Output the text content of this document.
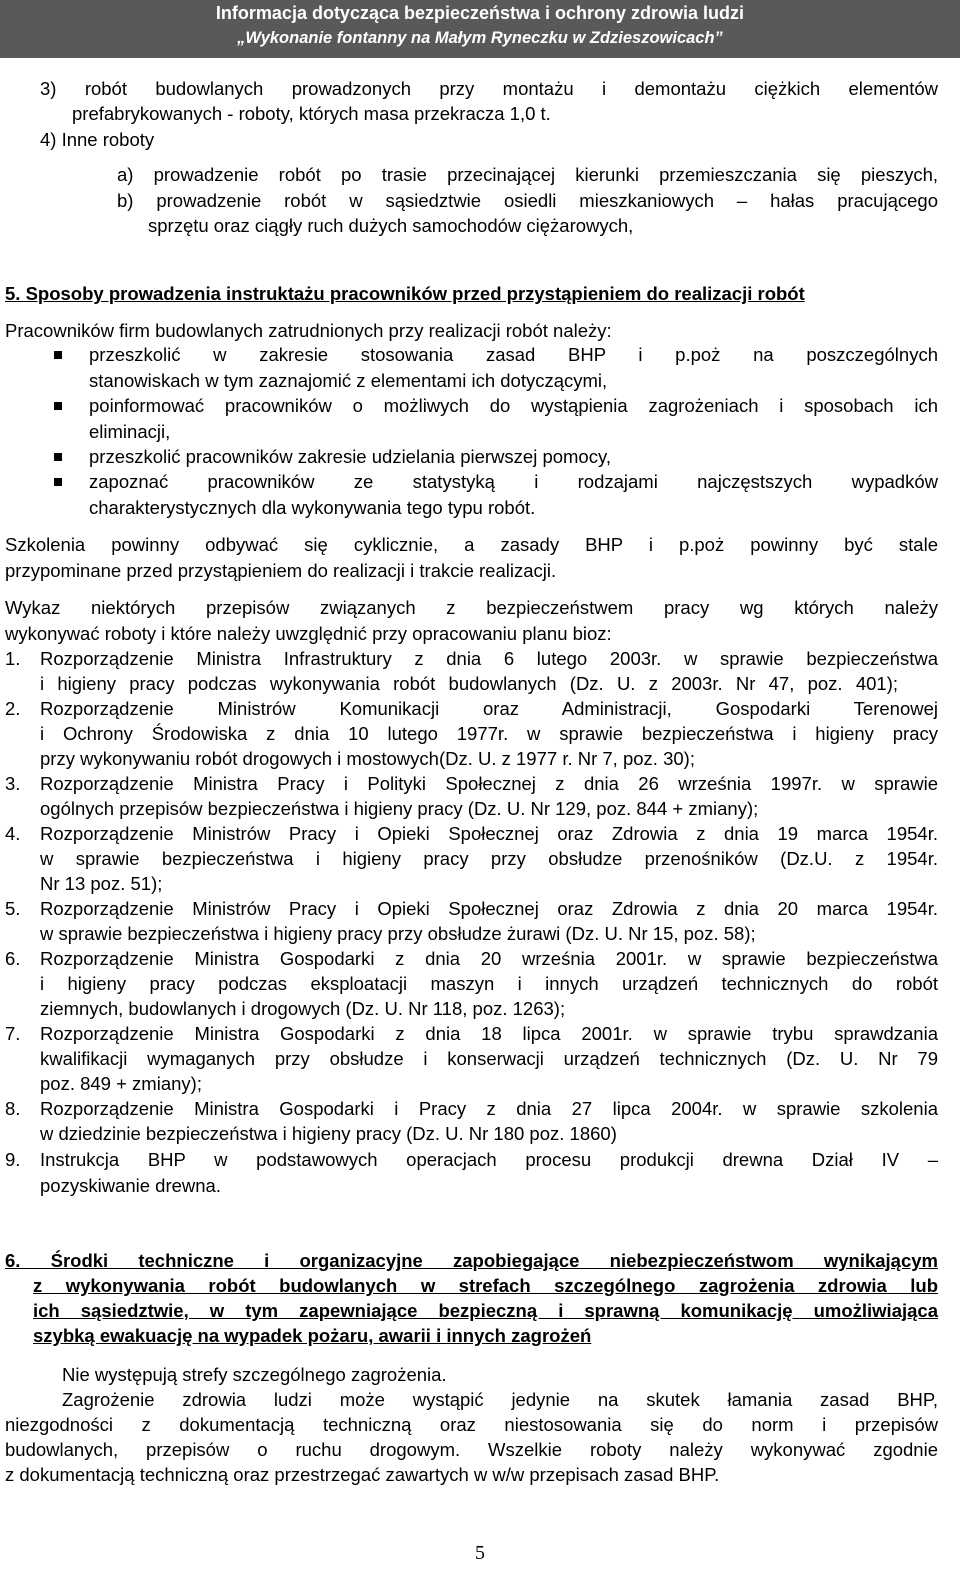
Informacja dotycząca bezpieczeństwa i ochrony zdrowia ludzi
„Wykonanie fontanny na Małym Ryneczku w Zdzieszowicach”
3) robót budowlanych prowadzonych przy montażu i demontażu ciężkich elementów
prefabrykowanych - roboty, których masa przekracza 1,0 t.
4) Inne roboty
a) prowadzenie robót po trasie przecinającej kierunki przemieszczania się pieszych,
b) prowadzenie robót w sąsiedztwie osiedli mieszkaniowych – hałas pracującego
sprzętu oraz ciągły ruch dużych samochodów ciężarowych,
5. Sposoby prowadzenia instruktażu pracowników przed przystąpieniem do realizacji robót
Pracowników firm budowlanych zatrudnionych przy realizacji robót należy:
przeszkolić w zakresie stosowania zasad BHP i p.poż na poszczególnych
stanowiskach w tym zaznajomić z elementami ich dotyczącymi,
poinformować pracowników o możliwych do wystąpienia zagrożeniach i sposobach ich
eliminacji,
przeszkolić pracowników zakresie udzielania pierwszej pomocy,
zapoznać pracowników ze statystyką i rodzajami najczęstszych wypadków
charakterystycznych dla wykonywania tego typu robót.
Szkolenia powinny odbywać się cyklicznie, a zasady BHP i p.poż powinny być stale
przypominane przed przystąpieniem do realizacji i trakcie realizacji.
Wykaz niektórych przepisów związanych z bezpieczeństwem pracy wg których należy
wykonywać roboty i które należy uwzględnić przy opracowaniu planu bioz:
1. Rozporządzenie Ministra Infrastruktury z dnia 6 lutego 2003r. w sprawie bezpieczeństwa
i higieny pracy podczas wykonywania robót budowlanych (Dz. U. z 2003r. Nr 47, poz. 401);
2. Rozporządzenie Ministrów Komunikacji oraz Administracji, Gospodarki Terenowej
i Ochrony Środowiska z dnia 10 lutego 1977r. w sprawie bezpieczeństwa i higieny pracy
przy wykonywaniu robót drogowych i mostowych(Dz. U. z 1977 r. Nr 7, poz. 30);
3. Rozporządzenie Ministra Pracy i Polityki Społecznej z dnia 26 września 1997r. w sprawie
ogólnych przepisów bezpieczeństwa i higieny pracy (Dz. U. Nr 129, poz. 844 + zmiany);
4. Rozporządzenie Ministrów Pracy i Opieki Społecznej oraz Zdrowia z dnia 19 marca 1954r.
w sprawie bezpieczeństwa i higieny pracy przy obsłudze przenośników (Dz.U. z 1954r.
Nr 13 poz. 51);
5. Rozporządzenie Ministrów Pracy i Opieki Społecznej oraz Zdrowia z dnia 20 marca 1954r.
w sprawie bezpieczeństwa i higieny pracy przy obsłudze żurawi (Dz. U. Nr 15, poz. 58);
6. Rozporządzenie Ministra Gospodarki z dnia 20 września 2001r. w sprawie bezpieczeństwa
i higieny pracy podczas eksploatacji maszyn i innych urządzeń technicznych do robót
ziemnych, budowlanych i drogowych (Dz. U. Nr 118, poz. 1263);
7. Rozporządzenie Ministra Gospodarki z dnia 18 lipca 2001r. w sprawie trybu sprawdzania
kwalifikacji wymaganych przy obsłudze i konserwacji urządzeń technicznych (Dz. U. Nr 79
poz. 849 + zmiany);
8. Rozporządzenie Ministra Gospodarki i Pracy z dnia 27 lipca 2004r. w sprawie szkolenia
w dziedzinie bezpieczeństwa i higieny pracy (Dz. U. Nr 180 poz. 1860)
9. Instrukcja BHP w podstawowych operacjach procesu produkcji drewna Dział IV –
pozyskiwanie drewna.
6. Środki techniczne i organizacyjne zapobiegające niebezpieczeństwom wynikającym
z wykonywania robót budowlanych w strefach szczególnego zagrożenia zdrowia lub
ich sąsiedztwie, w tym zapewniające bezpieczną i sprawną komunikację umożliwiająca
szybką ewakuację na wypadek pożaru, awarii i innych zagrożeń
Nie występują strefy szczególnego zagrożenia.
Zagrożenie zdrowia ludzi może wystąpić jedynie na skutek łamania zasad BHP,
niezgodności z dokumentacją techniczną oraz niestosowania się do norm i przepisów
budowlanych, przepisów o ruchu drogowym. Wszelkie roboty należy wykonywać zgodnie
z dokumentacją techniczną oraz przestrzegać zawartych w w/w przepisach zasad BHP.
5
